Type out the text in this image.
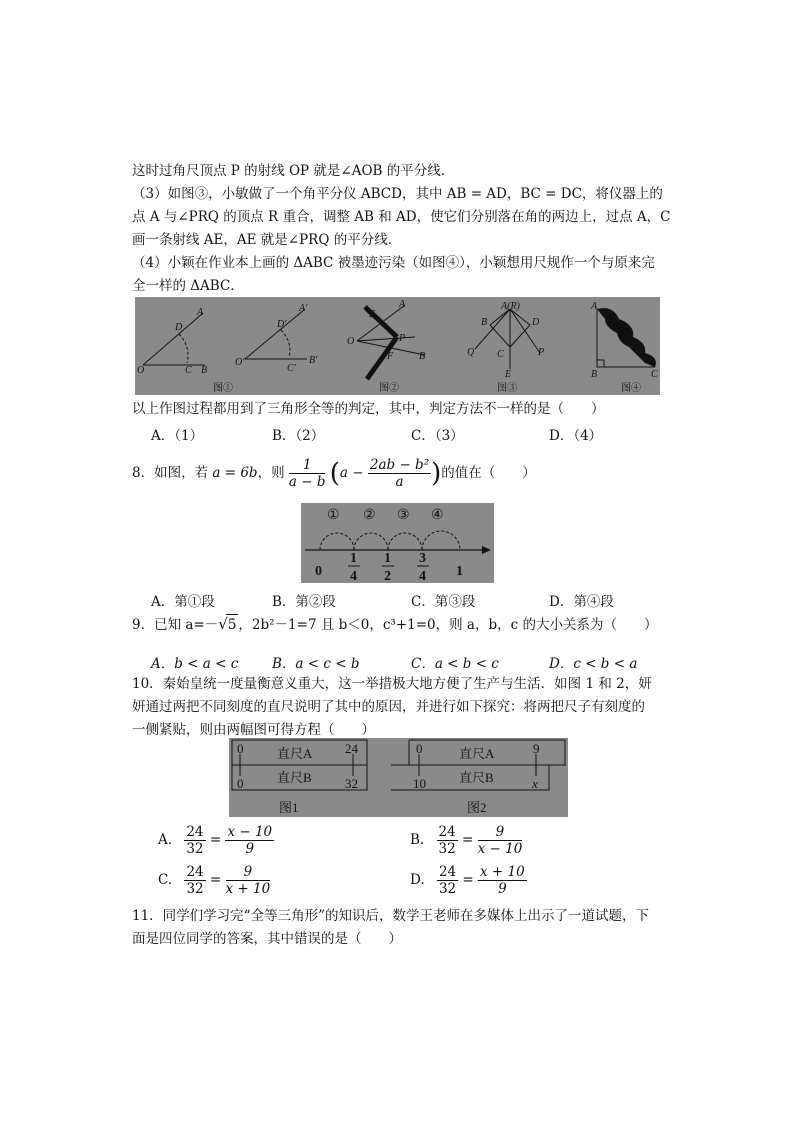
这时过角尺顶点 P 的射线 OP 就是∠AOB 的平分线．
（3）如图③，小敏做了一个角平分仪 ABCD，其中 AB = AD，BC = DC，将仪器上的
点 A 与∠PRQ 的顶点 R 重合，调整 AB 和 AD，使它们分别落在角的两边上，过点 A，C
画一条射线 AE，AE 就是∠PRQ 的平分线．
（4）小颖在作业本上画的 ΔABC 被墨迹污染（如图④），小颖想用尺规作一个与原来完
全一样的 ΔABC．
O
D
A
C B
图①
O′
D′
A′
C′
B′
O
E
A
F
P
B
图②
A(R)
B	D
Q C	P
E
图③
A
B	C
图④
以上作图过程都用到了三角形全等的判定，其中，判定方法不一样的是（　　）
A．（1）	B．（2）	C．（3）	D．（4）
8．如图，若 a = 6b，则 $\frac{1}{a - b} (a - \frac{\text{2ab − b²}}{a}$ )的值在（　　）
① ② ③ ④
0
1
4
1
2
3
4 1
A．第①段	B．第②段	C．第③段	D．第④段
9．已知 a=－√5 ，2b²－1=7 且 b＜0，c³+1=0，则 a，b，c 的大小关系为（　　）
A．b < a < c B．a < c < b	C．a < b < c	D．c < b < a
10．秦始皇统一度量衡意义重大，这一举措极大地方便了生产与生活．如图 1 和 2，妍
妍通过两把不同刻度的直尺说明了其中的原因，并进行如下探究：将两把尺子有刻度的
一侧紧贴，则由两幅图可得方程（　　）
0	直尺A	24
0	直尺B	32
图1
0	直尺A	9
10	直尺B	x
图2
A. $\frac{24}{32} = \frac{x - 10}{9}$	B. $\frac{24}{32} = \frac{9}{x - 10}$
C. $\frac{24}{32} = \frac{9}{x + 10}$	D. $\frac{24}{32} = \frac{x + 10}{9}$
11．同学们学习完“全等三角形”的知识后，数学王老师在多媒体上出示了一道试题，下
面是四位同学的答案，其中错误的是（　　）
